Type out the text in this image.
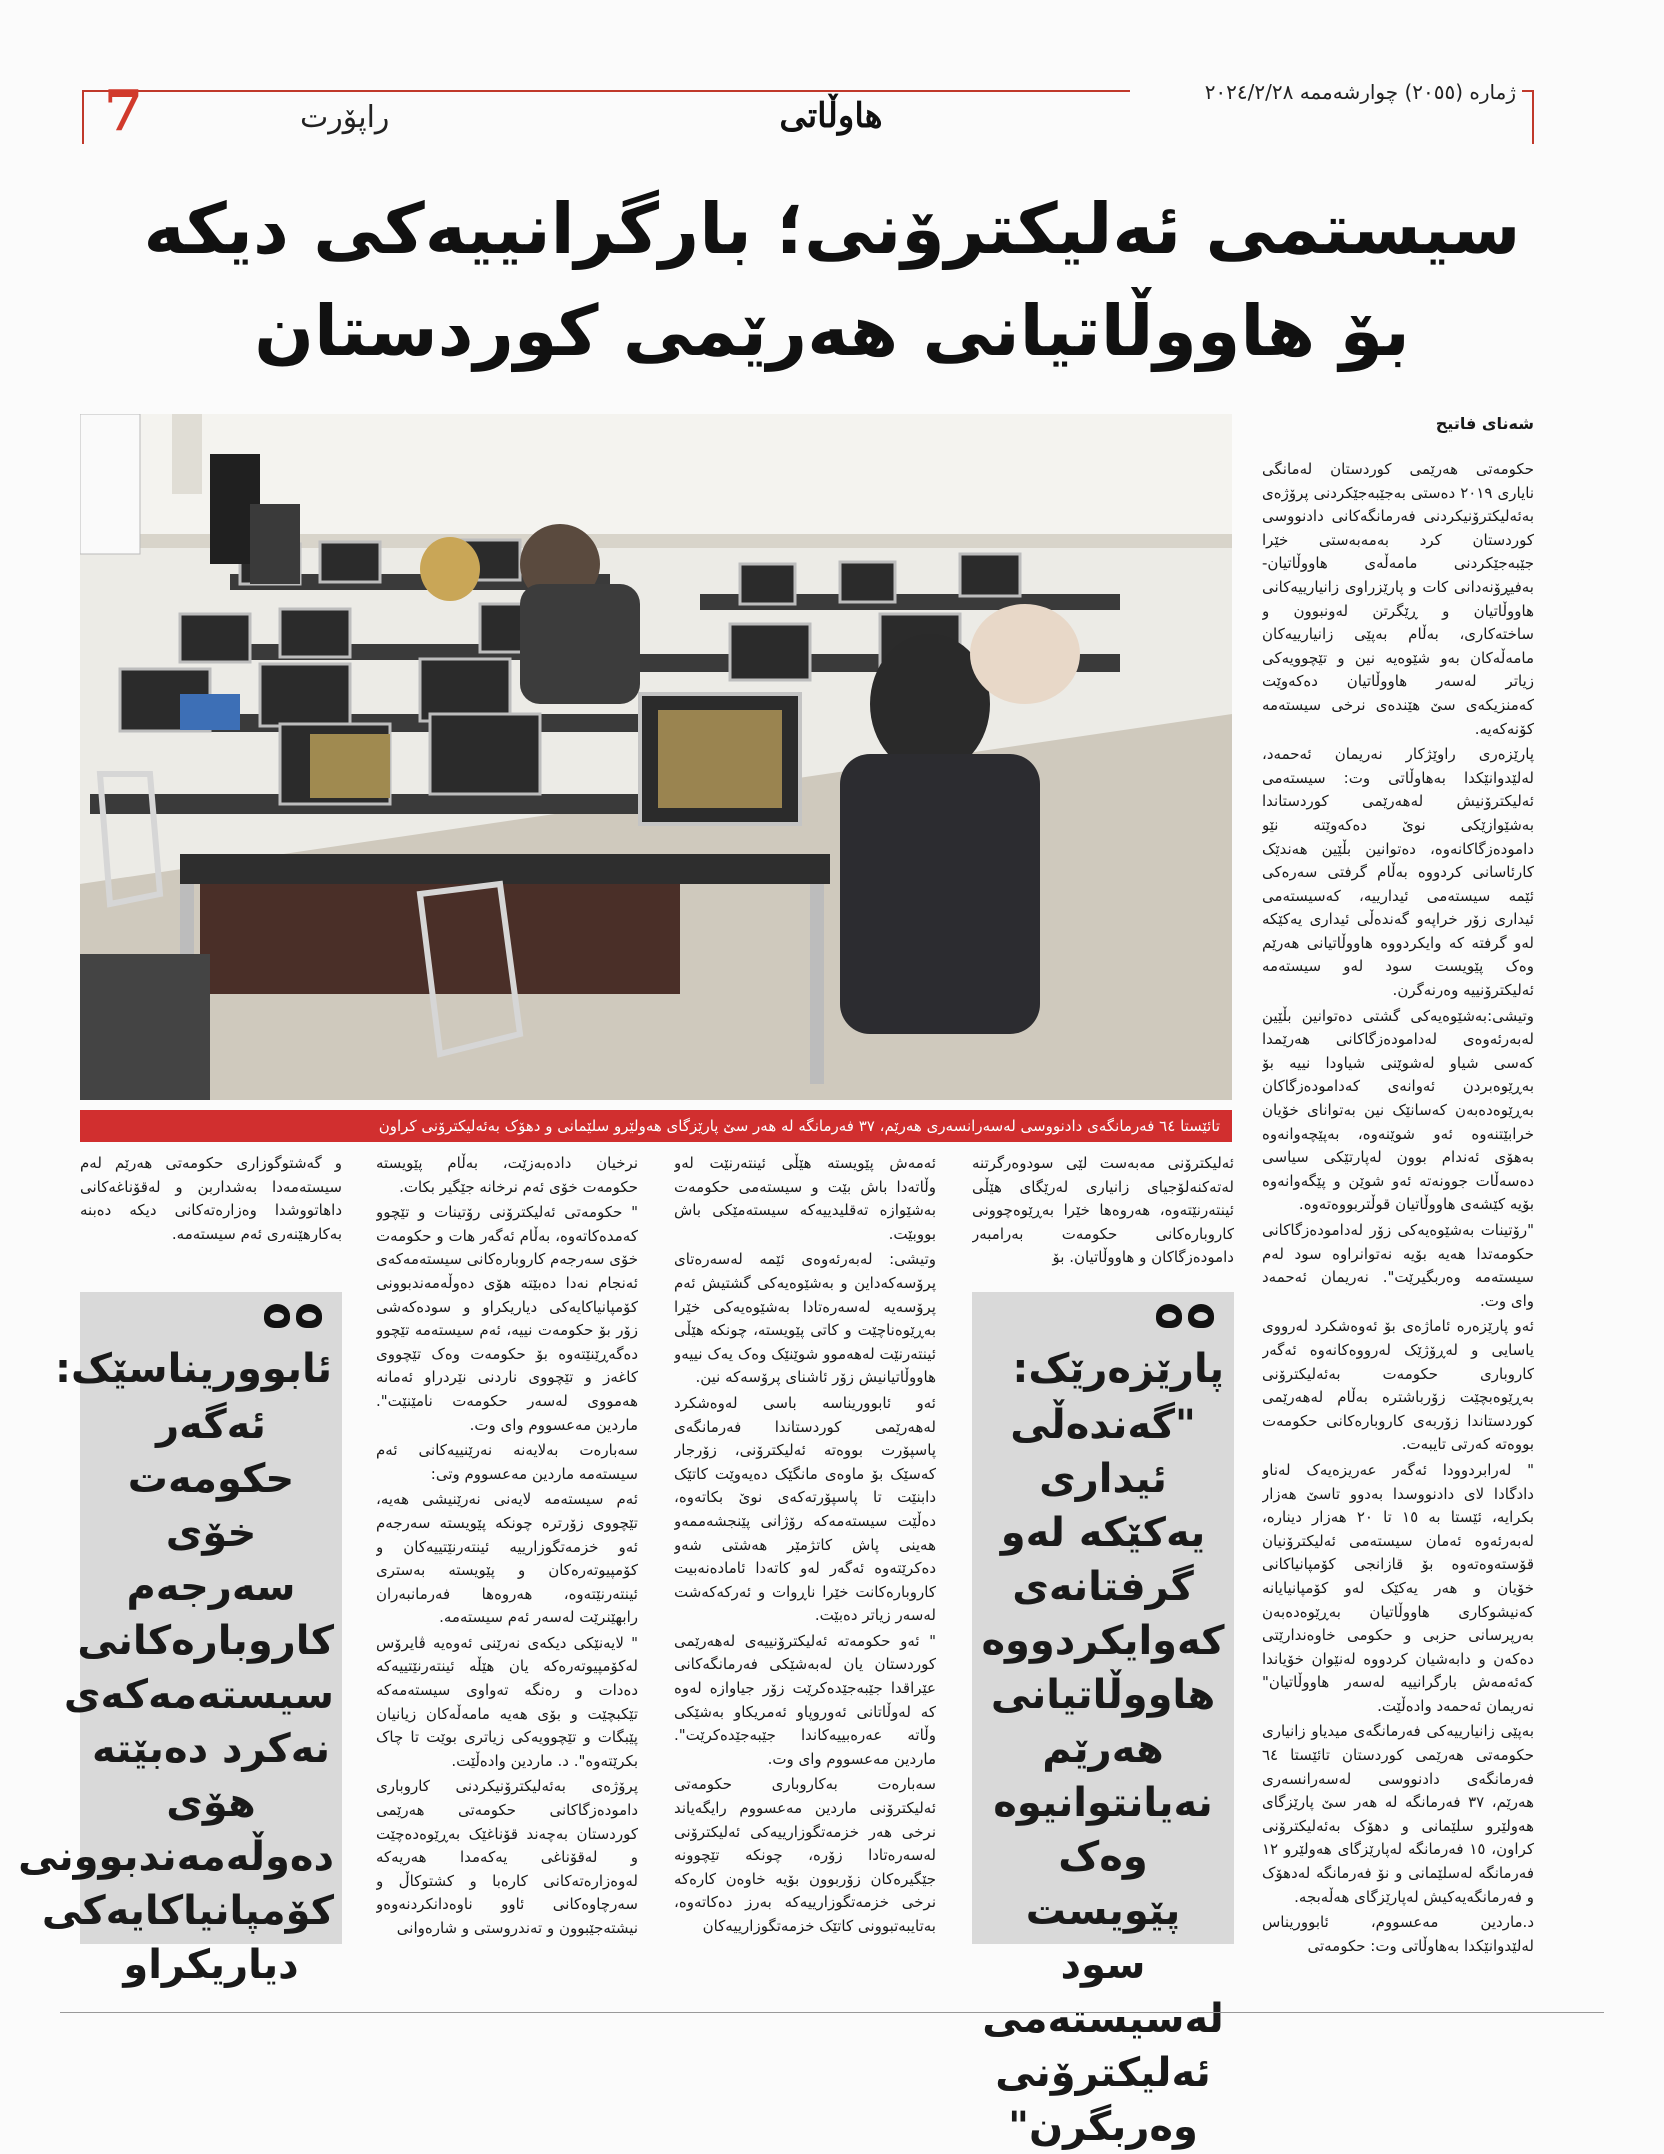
7	راپۆرت	هاوڵاتی
ژماره (٢٠٥٥) چوارشەممە ٢٠٢٤/٢/٢٨
سیستمی ئەلیکترۆنی؛ بارگرانییەکی دیکە
بۆ هاووڵاتیانی هەرێمی کوردستان
تائێستا ٦٤ فەرمانگەی دادنووسی لەسەرانسەری هەرێم، ٣٧ فەرمانگە لە هەر سێ پارێزگای هەولێرو سلێمانی و دهۆک بەئەلیکترۆنی کراون
شەنای فاتیح

حکومەتی هەرێمی کوردستان لەمانگی نایاری ٢٠١٩ دەستی بەجێبەجێکردنی پرۆژەی بەئەلیکترۆنیکردنی فەرمانگەکانی دادنووسی کوردستان کرد بەمەبەستی خێرا جێبەجێکردنی مامەڵەی هاووڵاتیان- بەفیڕۆنەدانی کات و پارێزراوی زانیارییەکانی هاووڵاتیان و ڕێگرتن لەونبوون و ساختەکاری، بەڵام بەپێی زانیارییەکان مامەڵەکان بەو شێوەیە نین و تێچوویەکی زیاتر لەسەر هاووڵاتیان دەکەوێت کەمنزیکەی سێ هێندەی نرخی سیستەمە کۆنەکەیە.

پارێزەری راوێژکار نەریمان ئەحمەد، لەلێدوانێکدا بەهاوڵاتی وت: سیستەمی ئەلیکترۆنیش لەهەرێمی کوردستاندا بەشێوازێکی نوێ دەکەوێتە نێو دامودەزگاکانەوە، دەتوانین بڵێین هەندێک کارئاسانی کردووە بەڵام گرفتی سەرەکی ئێمە سیستەمی ئیدارییە، کەسیستەمی ئیداری زۆر خراپەو گەندەڵی ئیداری یەکێکە لەو گرفتە کە وایکردووە هاووڵاتیانی هەرێم وەک پێویست سود لەو سیستەمە ئەلیکترۆنییە وەرنەگرن.

وتیشی:بەشێوەیەکی گشتی دەتوانین بڵێین لەبەرئەوەی لەدامودەزگاکانی هەرێمدا کەسی شیاو لەشوێنی شیاودا نییە بۆ بەڕێوەبردن ئەوانەی کەدامودەزگاکان بەڕێوەدەبەن کەسانێک نین بەتوانای خۆیان خرابێتنەوە ئەو شوێنەوە، بەپێچەوانەوە بەهۆی ئەندام بوون لەپارتێکی سیاسی دەسەڵات جوونەتە ئەو شوێن و پێگەوانەوە بۆیە کێشەی هاووڵاتیان قوڵتربووەتەوە.

"رۆتینات بەشێوەیەکی زۆر لەدامودەزگاکانی حکومەتدا هەیە بۆیە نەتوانراوە سود لەم سیستەمە وەربگیرێت". نەریمان ئەحمەد وای وت.

ئەو پارێزەرە ئاماژەی بۆ ئەوەشکرد لەرووی یاسایی و لەڕۆژێک لەرووەکانەوە ئەگەر کاروباری حکومەت بەئەلیکترۆنی بەڕێوەبچێت زۆرباشترە بەڵام لەهەرێمی کوردستاندا زۆربەی کاروبارەکانی حکومەت بووەتە کەرتی تایبەت.

" لەرابردوودا ئەگەر عەریزەیەک لەناو دادگادا لای دادنووسدا بەدوو تاسێ هەزار بکرایە، ئێستا بە ١٥ تا ٢٠ هەزار دینارە، لەبەرئەوە ئەمان سیستەمی ئەلیکترۆنیان قۆستەوەتەوە بۆ قازانجی کۆمپانیاکانی خۆیان و هەر یەکێک لەو کۆمپانیایانە کەنیشوکاری هاووڵاتیان بەڕێوەدەبەن بەرپرسانی حزبی و حکومی خاوەندارێتی دەکەن و دابەشیان کردووە لەنێوان خۆیاندا کەئەمەش بارگرانییە لەسەر هاووڵاتیان" نەریمان ئەحمەد وادەڵێت.

بەپێی زانیارییەکی فەرمانگەی میدیاو زانیاری حکومەتی هەرێمی کوردستان تائێستا ٦٤ فەرمانگەی دادنووسی لەسەرانسەری هەرێم، ٣٧ فەرمانگە لە هەر سێ پارێزگای هەولێرو سلێمانی و دهۆک بەئەلیکترۆنی کراون، ١٥ فەرمانگە لەپارێزگای هەولێرو ١٢ فەرمانگە لەسلێمانی و نۆ فەرمانگە لەدهۆک و فەرمانگەیەکیش لەپارێزگای هەڵەبجە.

د.ماردین مەعسووم، ئابووریناس لەلێدوانێکدا بەهاوڵاتی وت: حکومەتی

ئەلیکترۆنی مەبەست لێی سودوەرگرتنە لەتەکنەلۆجیای زانیاری لەرێگای هێڵی ئینتەرنێتەوە، هەروەها خێرا بەڕێوەچوونی کاروبارەکانی حکومەت بەرامبەر دامودەزگاکان و هاووڵاتیان. بۆ

ئەمەش پێویستە هێڵی ئینتەرنێت لەو وڵاتەدا باش بێت و سیستەمی حکومەت بەشێوازە تەقلیدییەکە سیستەمێکی باش بووبێت.

وتیشی: لەبەرئەوەی ئێمە لەسەرەتای پرۆسەکەداین و بەشێوەیەکی گشتیش ئەم پرۆسەیە لەسەرەتادا بەشێوەیەکی خێرا بەڕێوەناچێت و کاتی پێویستە، چونکە هێڵی ئینتەرنێت لەهەموو شوێنێک وەک یەک نییەو هاووڵاتیانیش زۆر ئاشنای پرۆسەکە نین.

ئەو ئابووریناسە باسی لەوەشکرد لەهەرێمی کوردستاندا فەرمانگەی پاسپۆرت بووەتە ئەلیکترۆنی، زۆرجار کەسێک بۆ ماوەی مانگێک دەیەوێت کاتێک دابنێت تا پاسپۆرتەکەی نوێ بکاتەوە، دەڵێت سیستەمەکە رۆژانی پێنجشەممەو هەینی پاش کاتژمێر هەشتی شەو دەکرێتەوە ئەگەر لەو کاتەدا ئامادەنەبیت کاروبارەکانت خێرا ناڕوات و ئەرکەکەشت لەسەر زیاتر دەبێت.

" ئەو حکومەتە ئەلیکترۆنییەی لەهەرێمی کوردستان یان لەبەشێکی فەرمانگەکانی عێراقدا جێبەجێدەکرێت زۆر جیاوازە لەوە کە لەوڵاتانی ئەوروپاو ئەمریکاو بەشێکی وڵاتە عەرەبییەکاندا جێبەجێدەکرێت". ماردین مەعسووم وای وت.

سەبارەت بەکاروباری حکومەتی ئەلیکترۆنی ماردین مەعسووم رایگەیاند نرخی هەر خزمەتگوزارییەکی ئەلیکترۆنی لەسەرەتادا زۆرە، چونکە تێچوونە جێگیرەکان زۆربوون بۆیە خاوەن کارەکە نرخی خزمەتگوزارییەکە بەرز دەکاتەوە، بەتایبەتبوونی کاتێک خزمەتگوزارییەکان

نرخیان دادەبەزێت، بەڵام پێویستە حکومەت خۆی ئەم نرخانە جێگیر بکات.

" حکومەتی ئەلیکترۆنی رۆتینات و تێچوو کەمدەکاتەوە، بەڵام ئەگەر هات و حکومەت خۆی سەرجەم کاروبارەکانی سیستەمەکەی ئەنجام نەدا دەبێتە هۆی دەوڵەمەندبوونی کۆمپانیاکایەکی دیاریکراو و سودەکەشی زۆر بۆ حکومەت نییە، ئەم سیستەمە تێچوو دەگەڕێنێتەوە بۆ حکومەت وەک تێچووی کاغەز و تێچووی ناردنی نێردراو ئەمانە هەمووی لەسەر حکومەت نامێنێت". ماردین مەعسووم وای وت.

سەبارەت بەلایەنە نەرێنییەکانی ئەم سیستەمە ماردین مەعسووم وتی:

ئەم سیستەمە لایەنی نەرێنیشی هەیە، تێچووی زۆرترە چونکە پێویستە سەرجەم ئەو خزمەتگوزارییە ئینتەرنێتییەکان و کۆمپیوتەرەکان و پێویستە بەستری ئینتەرنێتەوە، هەروەها فەرمانبەران رابهێنرێت لەسەر ئەم سیستەمە.

" لایەنێکی دیکەی نەرێنی ئەوەیە ڤایرۆس لەکۆمپیوتەرەکە یان هێڵە ئینتەرنێتییەکە دەدات و رەنگە تەواوی سیستەمەکە تێکبچێت و بۆی هەیە مامەڵەکان زیانیان پێبگات و تێچوویەکی زیاتری بوێت تا چاک بکرێتەوە". د. ماردین وادەڵێت.

پرۆژەی بەئەلیکترۆنیکردنی کاروباری دامودەزگاکانی حکومەتی هەرێمی کوردستان بەچەند قۆناغێک بەڕێوەدەچێت و لەقۆناغی یەکەمدا هەریەکە لەوەزارەتەکانی کارەبا و کشتوکاڵ و سەرچاوەکانی ئاوو ناوەدانکردنەوەو نیشتەجێبوون و تەندروستی و شارەوانی

و گەشتوگوزاری حکومەتی هەرێم لەم سیستەمەدا بەشداربن و لەقۆناغەکانی داهاتووشدا وەزارەتەکانی دیکە دەبنە بەکارهێنەری ئەم سیستەمە.

ئابووریناسێک:
ئەگەر حکومەت خۆی سەرجەم کاروبارەکانی سیستەمەکەی نەکرد دەبێتە هۆی دەوڵەمەندبوونی کۆمپانیاکایەکی دیاریکراو
پارێزەرێک:
"گەندەڵی ئیداری یەکێکە لەو گرفتانەی کەوایکردووە هاووڵاتیانی هەرێم نەیانتوانیوە وەک پێویست سود لەسیستەمی ئەلیکترۆنی وەربگرن"
